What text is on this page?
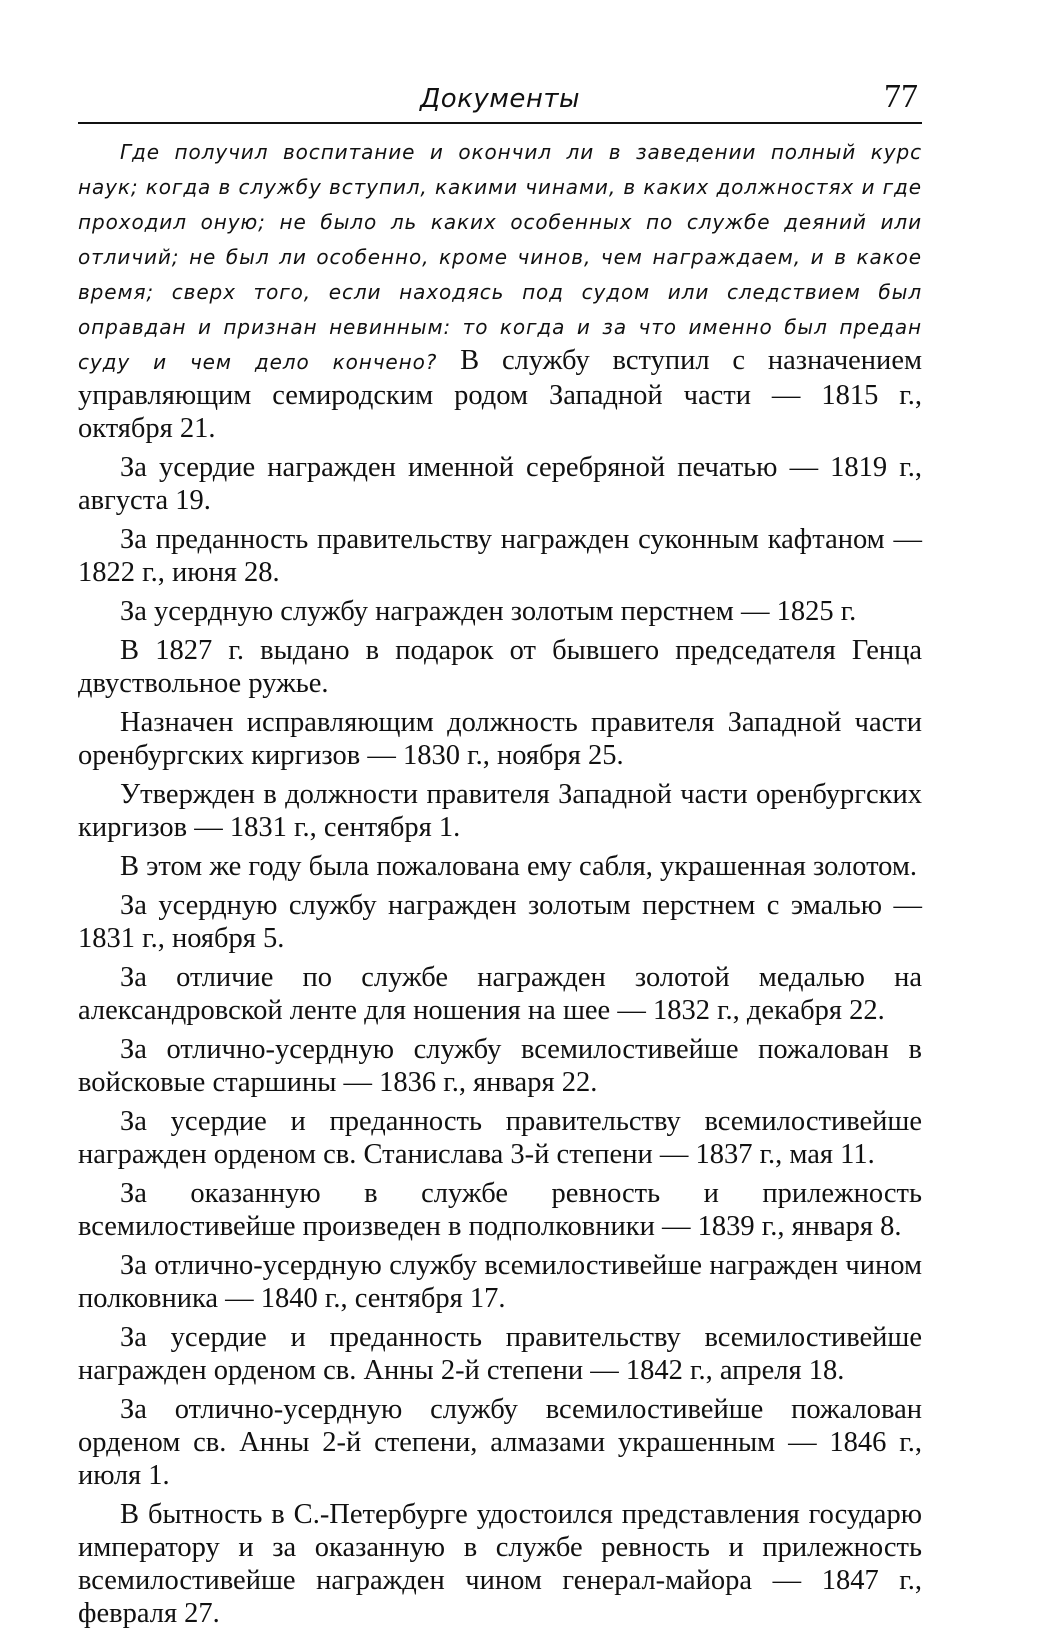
Документы	77

Где получил воспитание и окончил ли в заведении полный курс наук; когда в службу вступил, какими чинами, в каких должностях и где проходил оную; не было ль каких особенных по службе деяний или отличий; не был ли особенно, кроме чинов, чем награждаем, и в какое время; сверх того, если находясь под судом или следствием был оправдан и признан невинным: то когда и за что именно был предан суду и чем дело кончено? В службу вступил с назначением управляющим семиродским родом Западной части — 1815 г., октября 21.

За усердие награжден именной серебряной печатью — 1819 г., августа 19.

За преданность правительству награжден суконным кафтаном — 1822 г., июня 28.

За усердную службу награжден золотым перстнем — 1825 г.

В 1827 г. выдано в подарок от бывшего председателя Генца двуствольное ружье.

Назначен исправляющим должность правителя Западной части оренбургских киргизов — 1830 г., ноября 25.

Утвержден в должности правителя Западной части оренбургских киргизов — 1831 г., сентября 1.

В этом же году была пожалована ему сабля, украшенная золотом.

За усердную службу награжден золотым перстнем с эмалью — 1831 г., ноября 5.

За отличие по службе награжден золотой медалью на александровской ленте для ношения на шее — 1832 г., декабря 22.

За отлично-усердную службу всемилостивейше пожалован в войсковые старшины — 1836 г., января 22.

За усердие и преданность правительству всемилостивейше награжден орденом св. Станислава 3-й степени — 1837 г., мая 11.

За оказанную в службе ревность и прилежность всемилостивейше произведен в подполковники — 1839 г., января 8.

За отлично-усердную службу всемилостивейше награжден чином полковника — 1840 г., сентября 17.

За усердие и преданность правительству всемилостивейше награжден орденом св. Анны 2-й степени — 1842 г., апреля 18.

За отлично-усердную службу всемилостивейше пожалован орденом св. Анны 2-й степени, алмазами украшенным — 1846 г., июля 1.

В бытность в С.-Петербурге удостоился представления государю императору и за оказанную в службе ревность и прилежность всемилостивейше награжден чином генерал-майора — 1847 г., февраля 27.
